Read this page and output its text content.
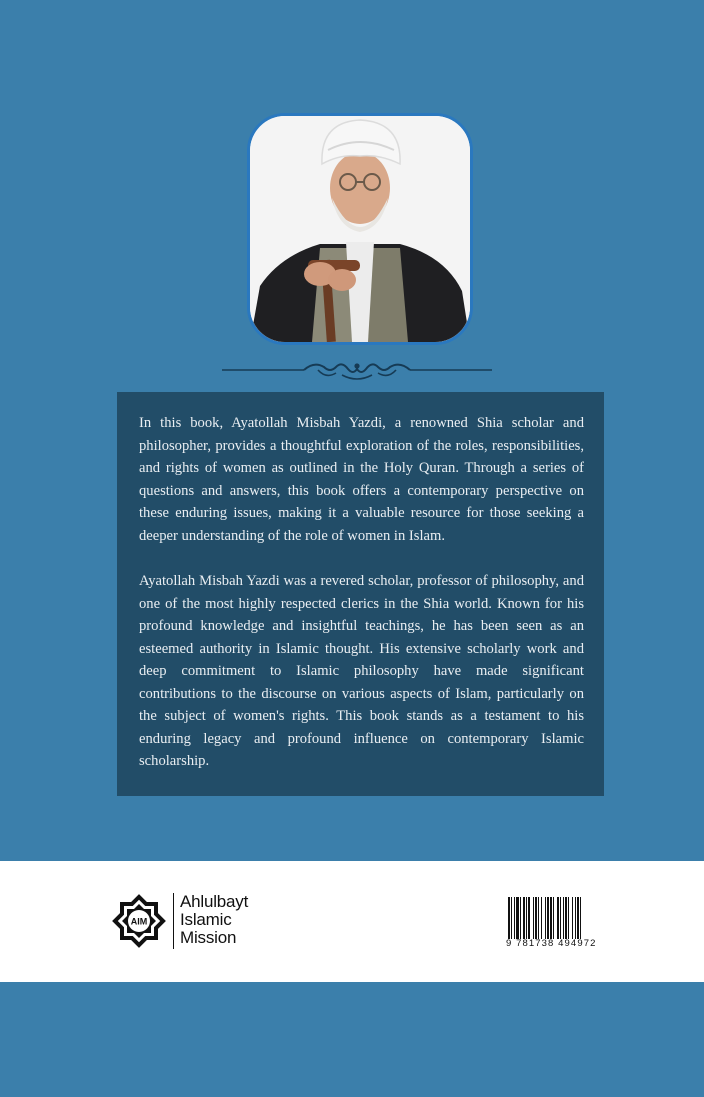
In this book, Ayatollah Misbah Yazdi, a renowned Shia scholar and philosopher, provides a thoughtful exploration of the roles, responsibilities, and rights of women as outlined in the Holy Quran. Through a series of questions and answers, this book offers a contemporary perspective on these enduring issues, making it a valuable resource for those seeking a deeper understanding of the role of women in Islam.

Ayatollah Misbah Yazdi was a revered scholar, professor of philosophy, and one of the most highly respected clerics in the Shia world. Known for his profound knowledge and insightful teachings, he has been seen as an esteemed authority in Islamic thought. His extensive scholarly work and deep commitment to Islamic philosophy have made significant contributions to the discourse on various aspects of Islam, particularly on the subject of women's rights. This book stands as a testament to his enduring legacy and profound influence on contemporary Islamic scholarship.

AIM
Ahlulbayt
Islamic
Mission	9 781738 494972
